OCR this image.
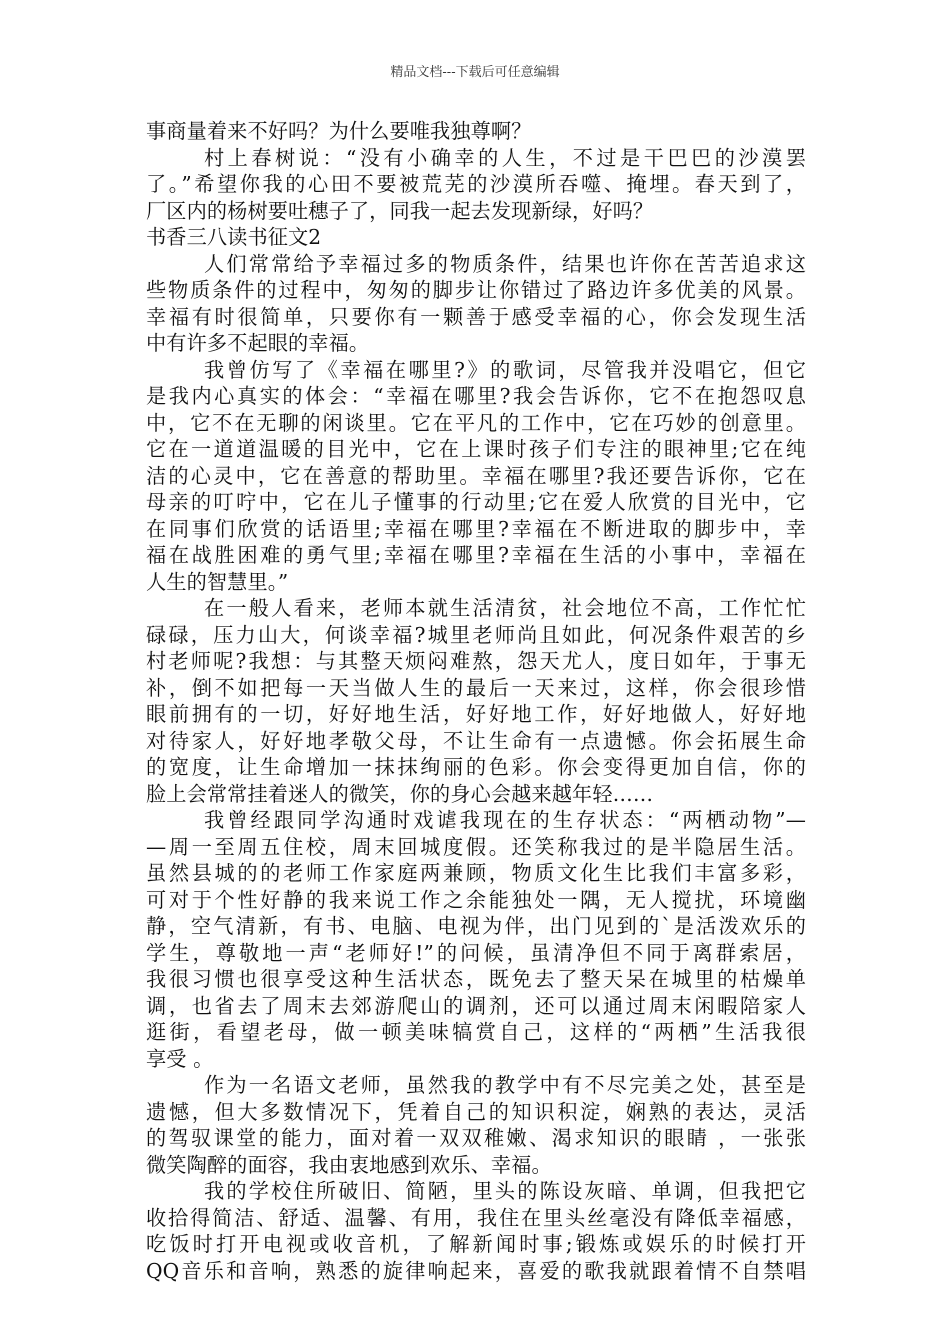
精品文档---下载后可任意编辑
事商量着来不好吗？为什么要唯我独尊啊？
村上春树说：“没有小确幸的人生，不过是干巴巴的沙漠罢
了。”希望你我的心田不要被荒芜的沙漠所吞噬、掩埋。春天到了，
厂区内的杨树要吐穗子了，同我一起去发现新绿，好吗？
书香三八读书征文2
人们常常给予幸福过多的物质条件，结果也许你在苦苦追求这
些物质条件的过程中，匆匆的脚步让你错过了路边许多优美的风景。
幸福有时很简单，只要你有一颗善于感受幸福的心，你会发现生活
中有许多不起眼的幸福。
我曾仿写了《幸福在哪里?》的歌词，尽管我并没唱它，但它
是我内心真实的体会：“幸福在哪里?我会告诉你，它不在抱怨叹息
中，它不在无聊的闲谈里。它在平凡的工作中，它在巧妙的创意里。
它在一道道温暖的目光中，它在上课时孩子们专注的眼神里;它在纯
洁的心灵中，它在善意的帮助里。幸福在哪里?我还要告诉你，它在
母亲的叮咛中，它在儿子懂事的行动里;它在爱人欣赏的目光中，它
在同事们欣赏的话语里;幸福在哪里?幸福在不断进取的脚步中，幸
福在战胜困难的勇气里;幸福在哪里?幸福在生活的小事中，幸福在
人生的智慧里。”
在一般人看来，老师本就生活清贫，社会地位不高，工作忙忙
碌碌，压力山大，何谈幸福?城里老师尚且如此，何况条件艰苦的乡
村老师呢?我想：与其整天烦闷难熬，怨天尤人，度日如年，于事无
补，倒不如把每一天当做人生的最后一天来过，这样，你会很珍惜
眼前拥有的一切，好好地生活，好好地工作，好好地做人，好好地
对待家人，好好地孝敬父母，不让生命有一点遗憾。你会拓展生命
的宽度，让生命增加一抹抹绚丽的色彩。你会变得更加自信，你的
脸上会常常挂着迷人的微笑，你的身心会越来越年轻……
我曾经跟同学沟通时戏谑我现在的生存状态：“两栖动物”—
—周一至周五住校，周末回城度假。还笑称我过的是半隐居生活。
虽然县城的的老师工作家庭两兼顾，物质文化生比我们丰富多彩，
可对于个性好静的我来说工作之余能独处一隅，无人搅扰，环境幽
静，空气清新，有书、电脑、电视为伴，出门见到的`是活泼欢乐的
学生，尊敬地一声“老师好!”的问候，虽清净但不同于离群索居，
我很习惯也很享受这种生活状态，既免去了整天呆在城里的枯燥单
调，也省去了周末去郊游爬山的调剂，还可以通过周末闲暇陪家人
逛街，看望老母，做一顿美味犒赏自己，这样的“两栖”生活我很
享受 。
作为一名语文老师，虽然我的教学中有不尽完美之处，甚至是
遗憾，但大多数情况下，凭着自己的知识积淀，娴熟的表达，灵活
的驾驭课堂的能力，面对着一双双稚嫩、渴求知识的眼睛 ，一张张
微笑陶醉的面容，我由衷地感到欢乐、幸福。
我的学校住所破旧、简陋，里头的陈设灰暗、单调，但我把它
收拾得简洁、舒适、温馨、有用，我住在里头丝毫没有降低幸福感，
吃饭时打开电视或收音机，了解新闻时事;锻炼或娱乐的时候打开
QQ音乐和音响，熟悉的旋律响起来，喜爱的歌我就跟着情不自禁唱
